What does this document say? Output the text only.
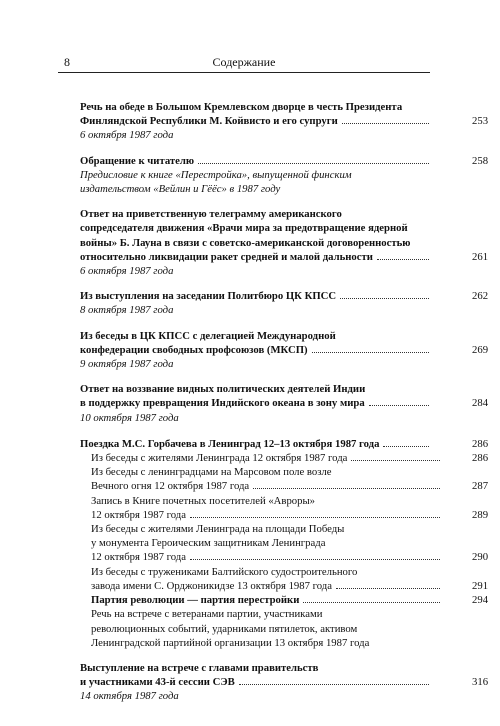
8	Содержание
Речь на обеде в Большом Кремлевском дворце в честь Президента
Финляндской Республики М. Койвисто и его супруги	253
6 октября 1987 года
Обращение к читателю	258
Предисловие к книге «Перестройка», выпущенной финским
издательством «Вейлин и Гёёс» в 1987 году
Ответ на приветственную телеграмму американского
сопредседателя движения «Врачи мира за предотвращение ядерной
войны» Б. Лауна в связи с советско-американской договоренностью
относительно ликвидации ракет средней и малой дальности	261
6 октября 1987 года
Из выступления на заседании Политбюро ЦК КПСС	262
8 октября 1987 года
Из беседы в ЦК КПСС с делегацией Международной
конфедерации свободных профсоюзов (МКСП)	269
9 октября 1987 года
Ответ на воззвание видных политических деятелей Индии
в поддержку превращения Индийского океана в зону мира	284
10 октября 1987 года
Поездка М.С. Горбачева в Ленинград 12–13 октября 1987 года	286
Из беседы с жителями Ленинграда 12 октября 1987 года	286
Из беседы с ленинградцами на Марсовом поле возле
Вечного огня 12 октября 1987 года	287
Запись в Книге почетных посетителей «Авроры»
12 октября 1987 года	289
Из беседы с жителями Ленинграда на площади Победы
у монумента Героическим защитникам Ленинграда
12 октября 1987 года	290
Из беседы с тружениками Балтийского судостроительного
завода имени С. Орджоникидзе 13 октября 1987 года	291
Партия революции — партия перестройки	294
Речь на встрече с ветеранами партии, участниками
революционных событий, ударниками пятилеток, активом
Ленинградской партийной организации 13 октября 1987 года
Выступление на встрече с главами правительств
и участниками 43-й сессии СЭВ	316
14 октября 1987 года
